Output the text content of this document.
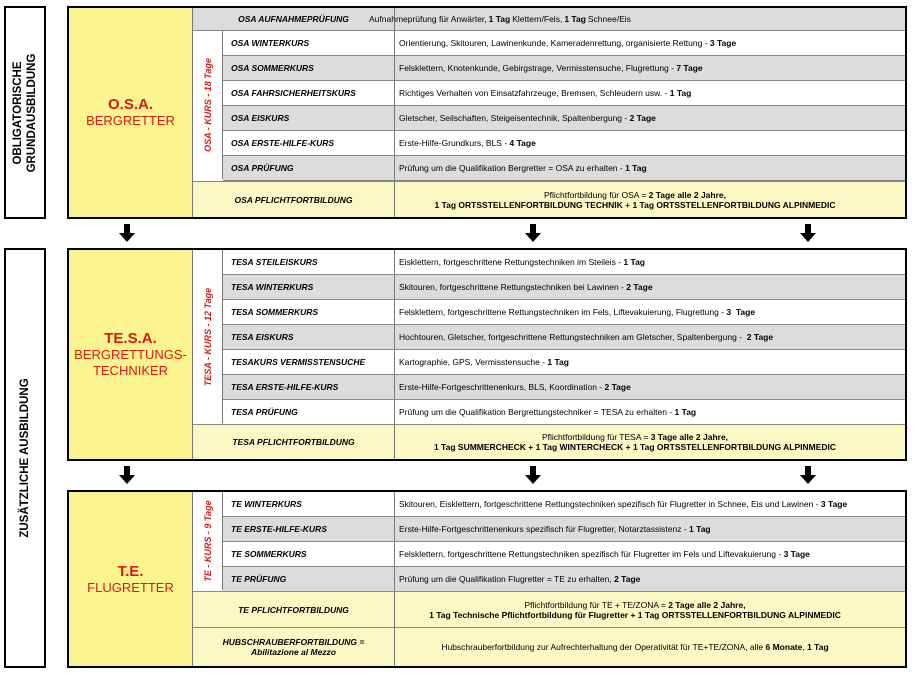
OBLIGATORISCHE GRUNDAUSBILDUNG
ZUSÄTZLICHE AUSBILDUNG
O.S.A.
BERGRETTER
OSA AUFNAHMEPRÜFUNG	Aufnahmeprüfung für Anwärter, 1 Tag Klettern/Fels, 1 Tag Schnee/Eis
OSA - KURS - 18 Tage
OSA WINTERKURS	Orientierung, Skitouren, Lawinenkunde, Kameradenrettung, organisierte Rettung - 3 Tage
OSA SOMMERKURS	Felsklettern, Knotenkunde, Gebirgstrage, Vermisstensuche, Flugrettung - 7 Tage
OSA FAHRSICHERHEITSKURS	Richtiges Verhalten von Einsatzfahrzeuge, Bremsen, Schleudern usw. - 1 Tag
OSA EISKURS	Gletscher, Seilschaften, Steigeisentechnik, Spaltenbergung - 2 Tage
OSA ERSTE-HILFE-KURS	Erste-Hilfe-Grundkurs, BLS - 4 Tage
OSA PRÜFUNG	Prüfung um die Qualifikation Bergretter = OSA zu erhalten - 1 Tag
OSA PFLICHTFORTBILDUNG	Pflichtfortbildung für OSA = 2 Tage alle 2 Jahre,
1 Tag ORTSSTELLENFORTBILDUNG TECHNIK + 1 Tag ORTSSTELLENFORTBILDUNG ALPINMEDIC
TE.S.A.
BERGRETTUNGS-
TECHNIKER	TESA - KURS - 12 Tage
TESA STEILEISKURS	Eisklettern, fortgeschrittene Rettungstechniken im Steileis - 1 Tag
TESA WINTERKURS	Skitouren, fortgeschrittene Rettungstechniken bei Lawinen - 2 Tage
TESA SOMMERKURS	Felsklettern, fortgeschrittene Rettungstechniken im Fels, Liftevakuierung, Flugrettung - 3  Tage
TESA EISKURS	Hochtouren, Gletscher, fortgeschrittene Rettungstechniken am Gletscher, Spaltenbergung - 2 Tage
TESAKURS VERMISSTENSUCHE	Kartographie, GPS, Vermisstensuche - 1 Tag
TESA ERSTE-HILFE-KURS	Erste-Hilfe-Fortgeschrittenenkurs, BLS, Koordination - 2 Tage
TESA PRÜFUNG	Prüfung um die Qualifikation Bergrettungstechniker = TESA zu erhalten - 1 Tag
TESA PFLICHTFORTBILDUNG	Pflichtfortbildung für TESA = 3 Tage alle 2 Jahre,
1 Tag SUMMERCHECK + 1 Tag WINTERCHECK + 1 Tag ORTSSTELLENFORTBILDUNG ALPINMEDIC
T.E.
FLUGRETTER
TE - KURS - 9 Tage	TE WINTERKURS	Skitouren, Eisklettern, fortgeschrittene Rettungstechniken spezifisch für Flugretter in Schnee, Eis und Lawinen - 3 Tage
TE ERSTE-HILFE-KURS	Erste-Hilfe-Fortgeschrittenenkurs spezifisch für Flugretter, Notarztassistenz - 1 Tag
TE SOMMERKURS	Felsklettern, fortgeschrittene Rettungstechniken spezifisch für Flugretter im Fels und Liftevakuierung - 3 Tage
TE PRÜFUNG	Prüfung um die Qualifikation Flugretter = TE zu erhalten, 2 Tage
TE PFLICHTFORTBILDUNG	Pflichtfortbildung für TE + TE/ZONA = 2 Tage alle 2 Jahre,
1 Tag Technische Pflichtfortbildung für Flugretter + 1 Tag ORTSSTELLENFORTBILDUNG ALPINMEDIC
HUBSCHRAUBERFORTBILDUNG =
Abilitazione al Mezzo	Hubschrauberfortbildung zur Aufrechterhaltung der Operativität für TE+TE/ZONA, alle 6 Monate, 1 Tag
